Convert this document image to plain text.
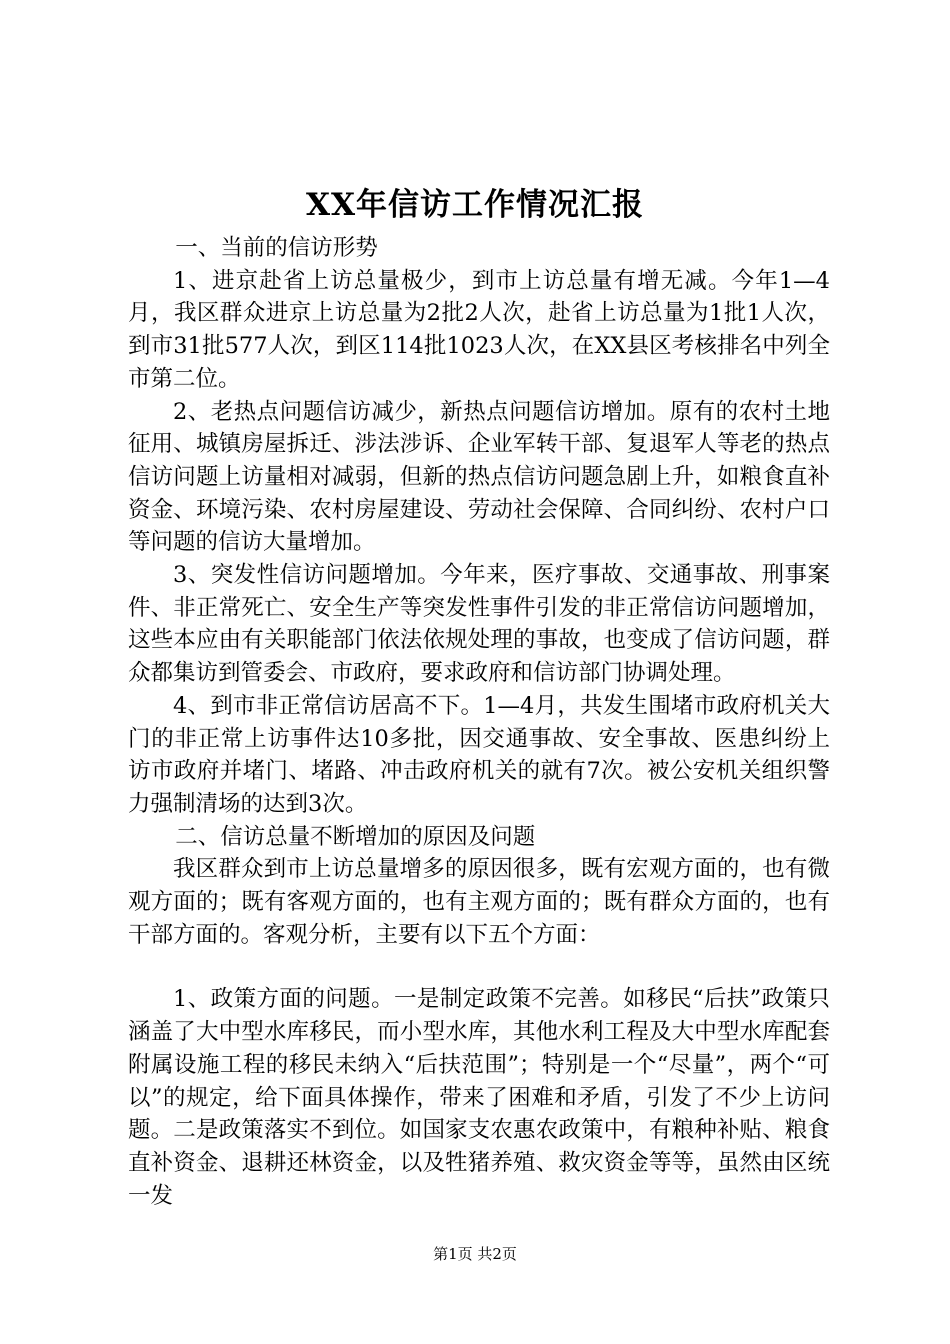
XX年信访工作情况汇报

一、当前的信访形势

1、进京赴省上访总量极少，到市上访总量有增无减。今年1—4月，我区群众进京上访总量为2批2人次，赴省上访总量为1批1人次，到市31批577人次，到区114批1023人次，在XX县区考核排名中列全市第二位。

2、老热点问题信访减少，新热点问题信访增加。原有的农村土地征用、城镇房屋拆迁、涉法涉诉、企业军转干部、复退军人等老的热点信访问题上访量相对减弱，但新的热点信访问题急剧上升，如粮食直补资金、环境污染、农村房屋建设、劳动社会保障、合同纠纷、农村户口等问题的信访大量增加。

3、突发性信访问题增加。今年来，医疗事故、交通事故、刑事案件、非正常死亡、安全生产等突发性事件引发的非正常信访问题增加，这些本应由有关职能部门依法依规处理的事故，也变成了信访问题，群众都集访到管委会、市政府，要求政府和信访部门协调处理。

4、到市非正常信访居高不下。1—4月，共发生围堵市政府机关大门的非正常上访事件达10多批，因交通事故、安全事故、医患纠纷上访市政府并堵门、堵路、冲击政府机关的就有7次。被公安机关组织警力强制清场的达到3次。

二、信访总量不断增加的原因及问题

我区群众到市上访总量增多的原因很多，既有宏观方面的，也有微观方面的；既有客观方面的，也有主观方面的；既有群众方面的，也有干部方面的。客观分析，主要有以下五个方面：

1、政策方面的问题。一是制定政策不完善。如移民“后扶”政策只涵盖了大中型水库移民，而小型水库，其他水利工程及大中型水库配套附属设施工程的移民未纳入“后扶范围”；特别是一个“尽量”，两个“可以”的规定，给下面具体操作，带来了困难和矛盾，引发了不少上访问题。二是政策落实不到位。如国家支农惠农政策中，有粮种补贴、粮食直补资金、退耕还林资金，以及牲猪养殖、救灾资金等等，虽然由区统一发

第1页 共2页
